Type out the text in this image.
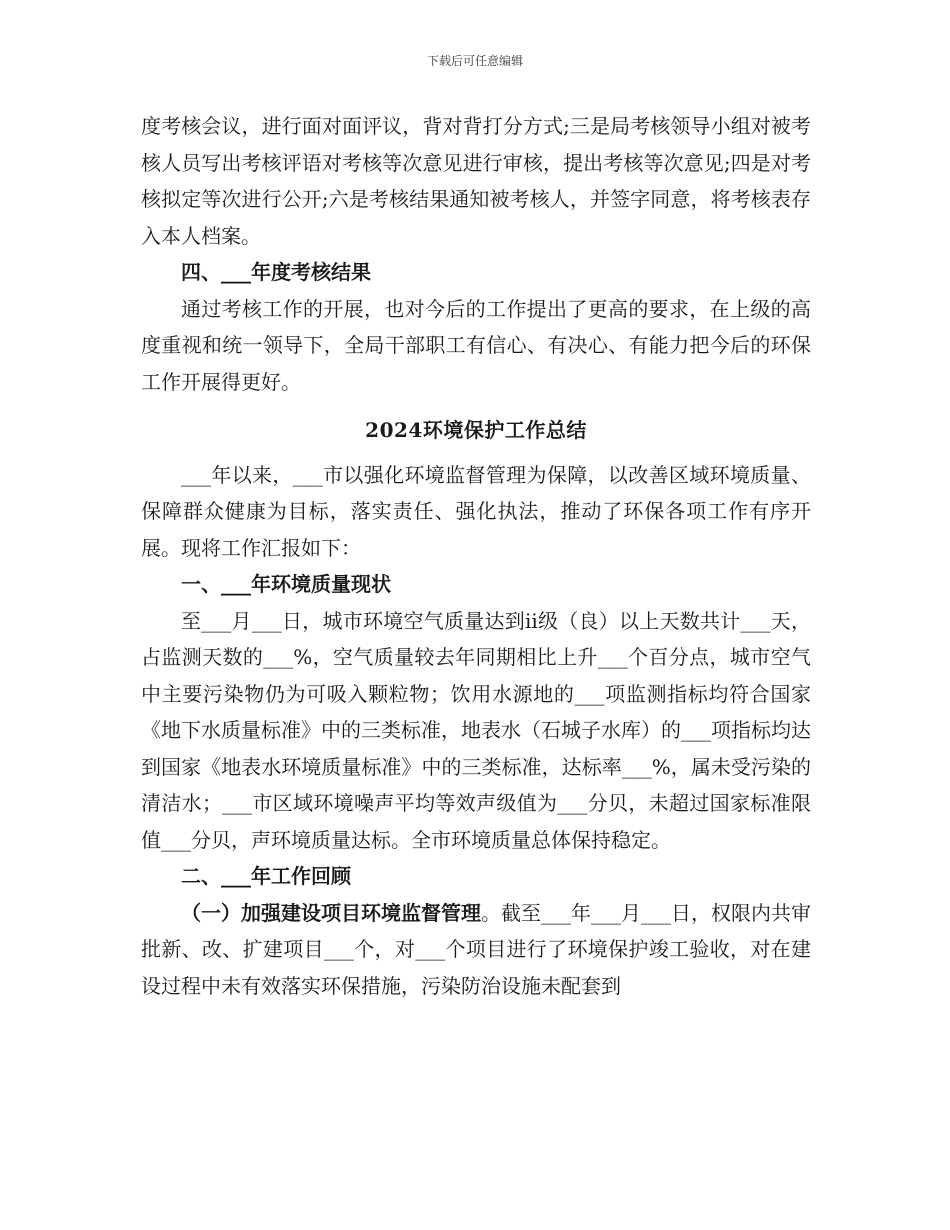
下载后可任意编辑

度考核会议，进行面对面评议，背对背打分方式;三是局考核领导小组对被考核人员写出考核评语对考核等次意见进行审核，提出考核等次意见;四是对考核拟定等次进行公开;六是考核结果通知被考核人，并签字同意，将考核表存入本人档案。

四、___年度考核结果

通过考核工作的开展，也对今后的工作提出了更高的要求，在上级的高度重视和统一领导下，全局干部职工有信心、有决心、有能力把今后的环保工作开展得更好。

2024环境保护工作总结

___年以来，___市以强化环境监督管理为保障，以改善区域环境质量、保障群众健康为目标，落实责任、强化执法，推动了环保各项工作有序开展。现将工作汇报如下：

一、___年环境质量现状

至___月___日，城市环境空气质量达到ii级（良）以上天数共计___天，占监测天数的___%，空气质量较去年同期相比上升___个百分点，城市空气中主要污染物仍为可吸入颗粒物；饮用水源地的___项监测指标均符合国家《地下水质量标准》中的三类标准，地表水（石城子水库）的___项指标均达到国家《地表水环境质量标准》中的三类标准，达标率___%，属未受污染的清洁水；___市区域环境噪声平均等效声级值为___分贝，未超过国家标准限值___分贝，声环境质量达标。全市环境质量总体保持稳定。

二、___年工作回顾

（一）加强建设项目环境监督管理。截至___年___月___日，权限内共审批新、改、扩建项目___个，对___个项目进行了环境保护竣工验收，对在建设过程中未有效落实环保措施，污染防治设施未配套到
